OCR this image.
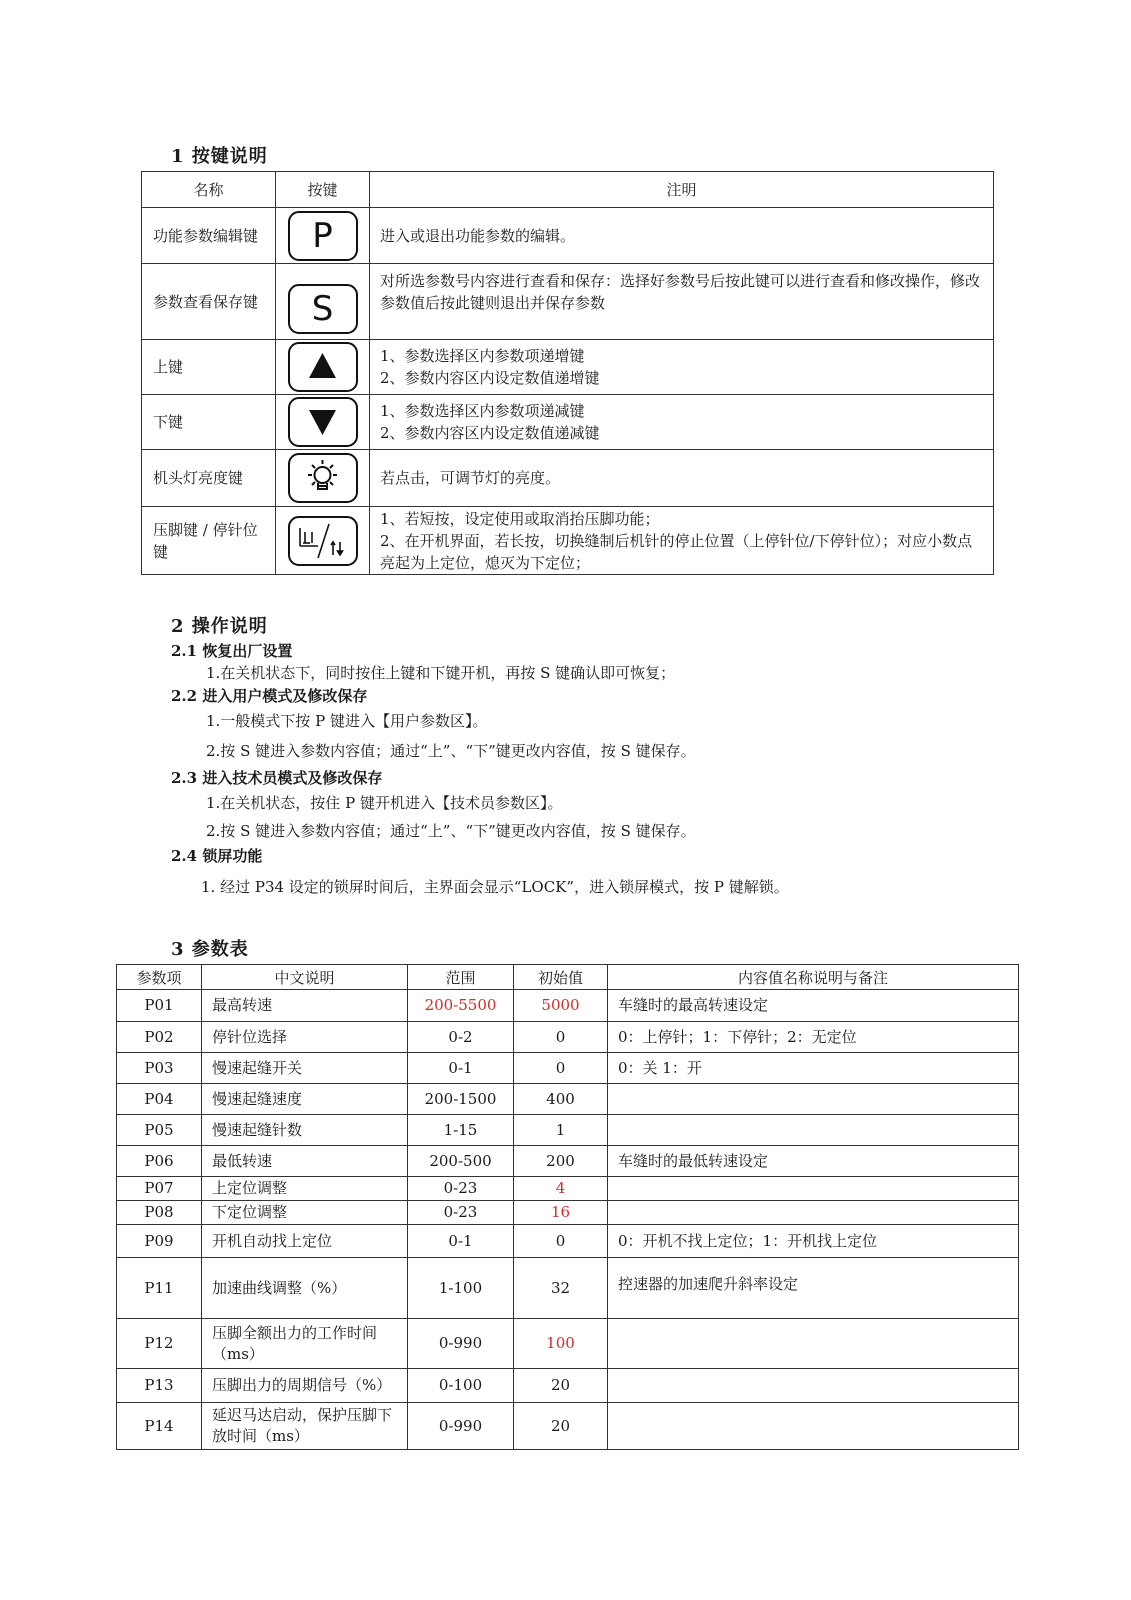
1 按键说明
名称	按键	注明
功能参数编辑键	P	进入或退出功能参数的编辑。
参数查看保存键	S	对所选参数号内容进行查看和保存：选择好参数号后按此键可以进行查看和修改操作，修改参数值后按此键则退出并保存参数
上键		1、参数选择区内参数项递增键
2、参数内容区内设定数值递增键

下键		1、参数选择区内参数项递减键
2、参数内容区内设定数值递减键

机头灯亮度键		若点击，可调节灯的亮度。
压脚键 / 停针位键		1、若短按，设定使用或取消抬压脚功能；
2、在开机界面，若长按，切换缝制后机针的停止位置（上停针位/下停针位）；对应小数点亮起为上定位，熄灭为下定位；
2 操作说明
2.1 恢复出厂设置
1.在关机状态下，同时按住上键和下键开机，再按 S 键确认即可恢复；
2.2 进入用户模式及修改保存
1.一般模式下按 P 键进入【用户参数区】。
2.按 S 键进入参数内容值；通过“上”、“下”键更改内容值，按 S 键保存。
2.3 进入技术员模式及修改保存
1.在关机状态，按住 P 键开机进入【技术员参数区】。
2.按 S 键进入参数内容值；通过“上”、“下”键更改内容值，按 S 键保存。
2.4 锁屏功能
1. 经过 P34 设定的锁屏时间后，主界面会显示“LOCK”，进入锁屏模式，按 P 键解锁。
3 参数表
参数项	中文说明	范围	初始值	内容值名称说明与备注
P01	最高转速	200-5500	5000	车缝时的最高转速设定
P02	停针位选择	0-2	0	0：上停针；1：下停针；2：无定位
P03	慢速起缝开关	0-1	0	0：关 1：开
P04	慢速起缝速度	200-1500	400	
P05	慢速起缝针数	1-15	1	
P06	最低转速	200-500	200	车缝时的最低转速设定
P07	上定位调整	0-23	4	
P08	下定位调整	0-23	16	
P09	开机自动找上定位	0-1	0	0：开机不找上定位；1：开机找上定位
P11	加速曲线调整（%）	1-100	32	控速器的加速爬升斜率设定
P12	压脚全额出力的工作时间（ms）	0-990	100	
P13	压脚出力的周期信号（%）	0-100	20	
P14	延迟马达启动，保护压脚下放时间（ms）	0-990	20	
